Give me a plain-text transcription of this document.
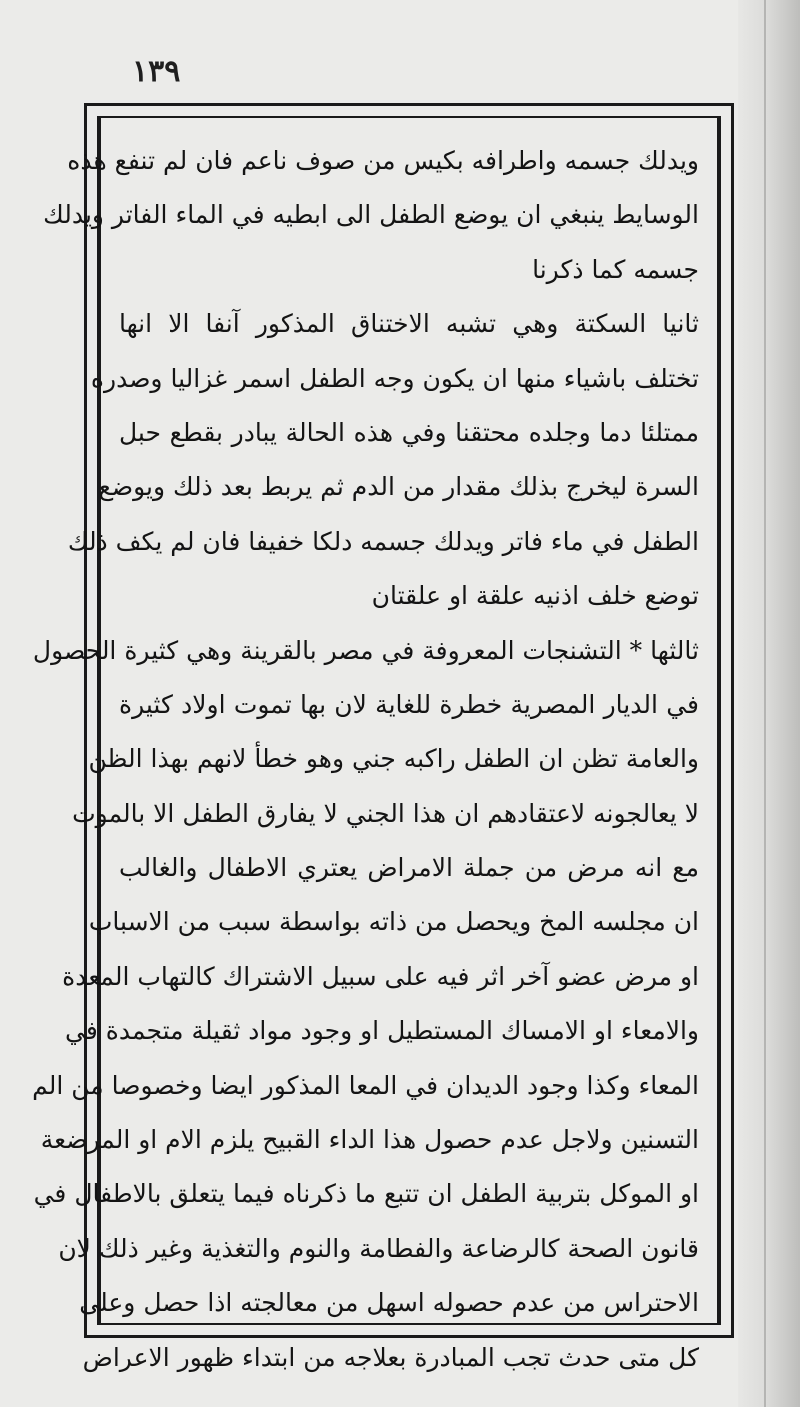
١٣٩
ويدلك جسمه واطرافه بكيس من صوف ناعم فان لم تنفع هذه
الوسايط ينبغي ان يوضع الطفل الى ابطيه في الماء الفاتر ويدلك
جسمه كما ذكرنا
ثانيا السكتة وهي تشبه الاختناق المذكور آنفا الا انها
تختلف باشياء منها ان يكون وجه الطفل اسمر غزاليا وصدره
ممتلئا دما وجلده محتقنا وفي هذه الحالة يبادر بقطع حبل
السرة ليخرج بذلك مقدار من الدم ثم يربط بعد ذلك ويوضع
الطفل في ماء فاتر ويدلك جسمه دلكا خفيفا فان لم يكف ذلك
توضع خلف اذنيه علقة او علقتان
ثالثها * التشنجات المعروفة في مصر بالقرينة وهي كثيرة الحصول
في الديار المصرية خطرة للغاية لان بها تموت اولاد كثيرة
والعامة تظن ان الطفل راكبه جني وهو خطأ لانهم بهذا الظن
لا يعالجونه لاعتقادهم ان هذا الجني لا يفارق الطفل الا بالموت
مع انه مرض من جملة الامراض يعتري الاطفال والغالب
ان مجلسه المخ ويحصل من ذاته بواسطة سبب من الاسباب
او مرض عضو آخر اثر فيه على سبيل الاشتراك كالتهاب المعدة
والامعاء او الامساك المستطيل او وجود مواد ثقيلة متجمدة في
المعاء وكذا وجود الديدان في المعا المذكور ايضا وخصوصا من الم
التسنين ولاجل عدم حصول هذا الداء القبيح يلزم الام او المرضعة
او الموكل بتربية الطفل ان تتبع ما ذكرناه فيما يتعلق بالاطفال في
قانون الصحة كالرضاعة والفطامة والنوم والتغذية وغير ذلك لان
الاحتراس من عدم حصوله اسهل من معالجته اذا حصل وعلى
كل متى حدث تجب المبادرة بعلاجه من ابتداء ظهور الاعراض
